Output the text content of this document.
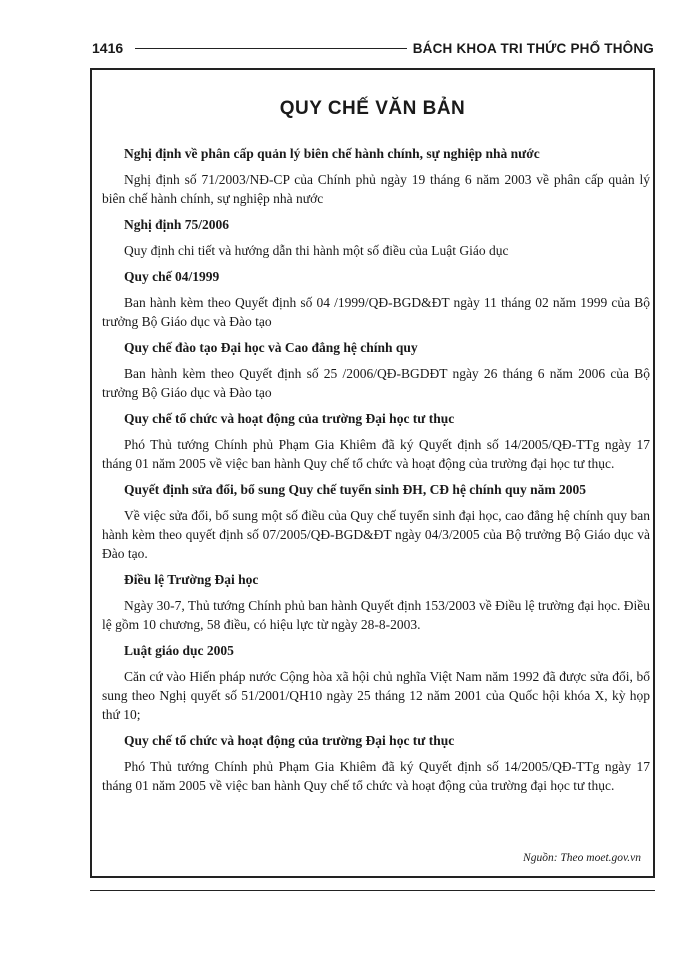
1416	BÁCH KHOA TRI THỨC PHỔ THÔNG
QUY CHẾ VĂN BẢN

Nghị định về phân cấp quản lý biên chế hành chính, sự nghiệp nhà nước

Nghị định số 71/2003/NĐ-CP của Chính phủ ngày 19 tháng 6 năm 2003 về phân cấp quản lý biên chế hành chính, sự nghiệp nhà nước

Nghị định 75/2006

Quy định chi tiết và hướng dẫn thi hành một số điều của Luật Giáo dục

Quy chế 04/1999

Ban hành kèm theo Quyết định số 04 /1999/QĐ-BGD&ĐT ngày 11 tháng 02 năm 1999 của Bộ trưởng Bộ Giáo dục và Đào tạo

Quy chế đào tạo Đại học và Cao đẳng hệ chính quy

Ban hành kèm theo Quyết định số 25 /2006/QĐ-BGDĐT ngày 26 tháng 6 năm 2006 của Bộ trưởng Bộ Giáo dục và Đào tạo

Quy chế tổ chức và hoạt động của trường Đại học tư thục

Phó Thủ tướng Chính phủ Phạm Gia Khiêm đã ký Quyết định số 14/2005/QĐ-TTg ngày 17 tháng 01 năm 2005 về việc ban hành Quy chế tổ chức và hoạt động của trường đại học tư thục.

Quyết định sửa đổi, bổ sung Quy chế tuyển sinh ĐH, CĐ hệ chính quy năm 2005

Về việc sửa đổi, bổ sung một số điều của Quy chế tuyển sinh đại học, cao đẳng hệ chính quy ban hành kèm theo quyết định số 07/2005/QĐ-BGD&ĐT ngày 04/3/2005 của Bộ trưởng Bộ Giáo dục và Đào tạo.

Điều lệ Trường Đại học

Ngày 30-7, Thủ tướng Chính phủ ban hành Quyết định 153/2003 về Điều lệ trường đại học. Điều lệ gồm 10 chương, 58 điều, có hiệu lực từ ngày 28-8-2003.

Luật giáo dục 2005

Căn cứ vào Hiến pháp nước Cộng hòa xã hội chủ nghĩa Việt Nam năm 1992 đã được sửa đổi, bổ sung theo Nghị quyết số 51/2001/QH10 ngày 25 tháng 12 năm 2001 của Quốc hội khóa X, kỳ họp thứ 10;

Quy chế tổ chức và hoạt động của trường Đại học tư thục

Phó Thủ tướng Chính phủ Phạm Gia Khiêm đã ký Quyết định số 14/2005/QĐ-TTg ngày 17 tháng 01 năm 2005 về việc ban hành Quy chế tổ chức và hoạt động của trường đại học tư thục.

Nguồn: Theo moet.gov.vn
